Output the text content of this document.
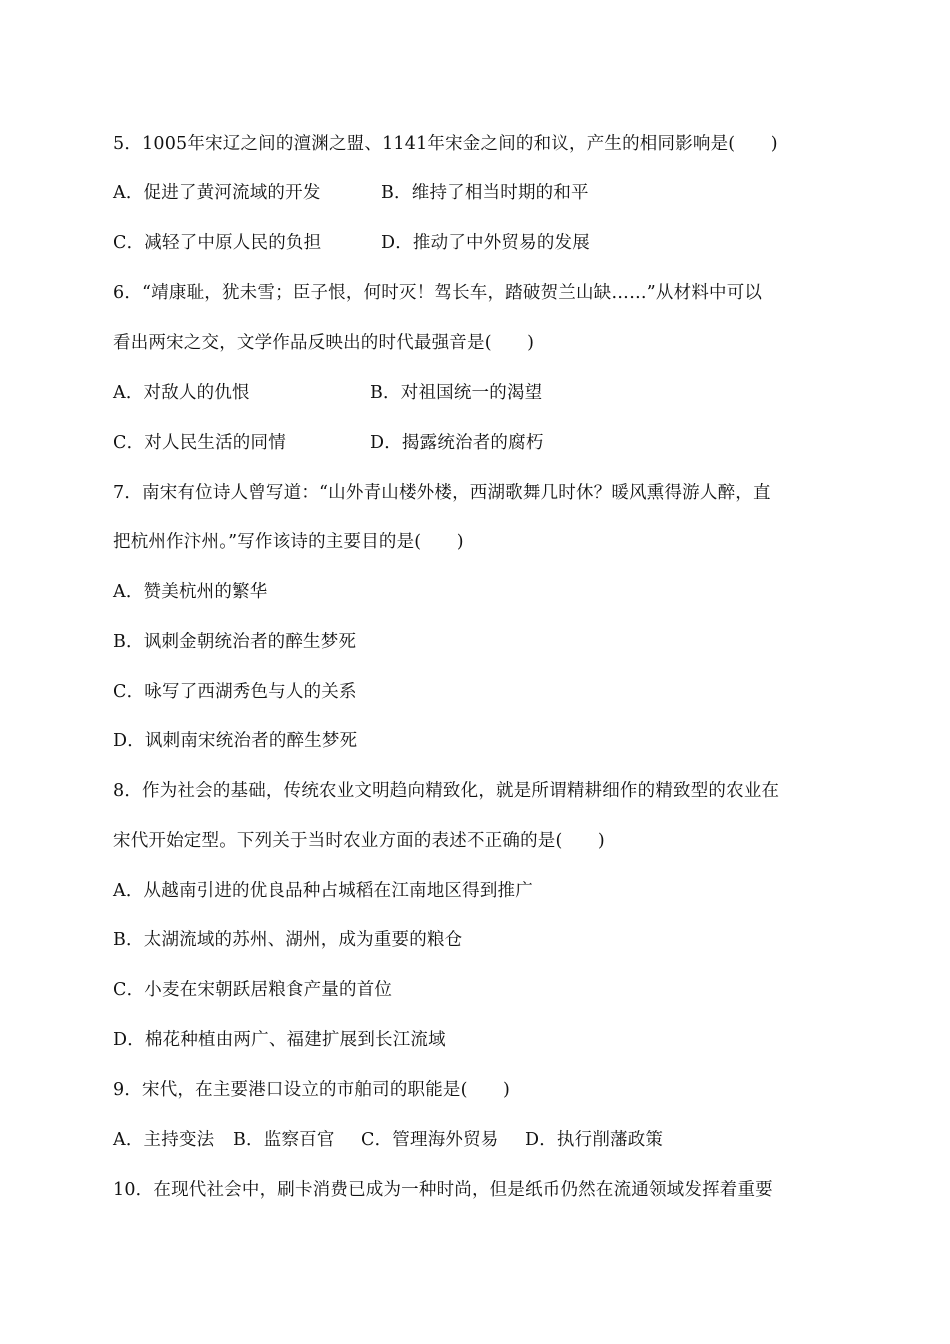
5．1005年宋辽之间的澶渊之盟、1141年宋金之间的和议，产生的相同影响是(　　)
A．促进了黄河流域的开发	B．维持了相当时期的和平
C．减轻了中原人民的负担	D．推动了中外贸易的发展
6．“靖康耻，犹未雪；臣子恨，何时灭！驾长车，踏破贺兰山缺……”从材料中可以
看出两宋之交，文学作品反映出的时代最强音是(　　)
A．对敌人的仇恨	B．对祖国统一的渴望
C．对人民生活的同情	D．揭露统治者的腐朽
7．南宋有位诗人曾写道：“山外青山楼外楼，西湖歌舞几时休？暖风熏得游人醉，直
把杭州作汴州。”写作该诗的主要目的是(　　)
A．赞美杭州的繁华
B．讽刺金朝统治者的醉生梦死
C．咏写了西湖秀色与人的关系
D．讽刺南宋统治者的醉生梦死
8．作为社会的基础，传统农业文明趋向精致化，就是所谓精耕细作的精致型的农业在
宋代开始定型。下列关于当时农业方面的表述不正确的是(　　)
A．从越南引进的优良品种占城稻在江南地区得到推广
B．太湖流域的苏州、湖州，成为重要的粮仓
C．小麦在宋朝跃居粮食产量的首位
D．棉花种植由两广、福建扩展到长江流域
9．宋代，在主要港口设立的市舶司的职能是(　　)
A．主持变法 B．监察百官 C．管理海外贸易 D．执行削藩政策
10．在现代社会中，刷卡消费已成为一种时尚，但是纸币仍然在流通领域发挥着重要
